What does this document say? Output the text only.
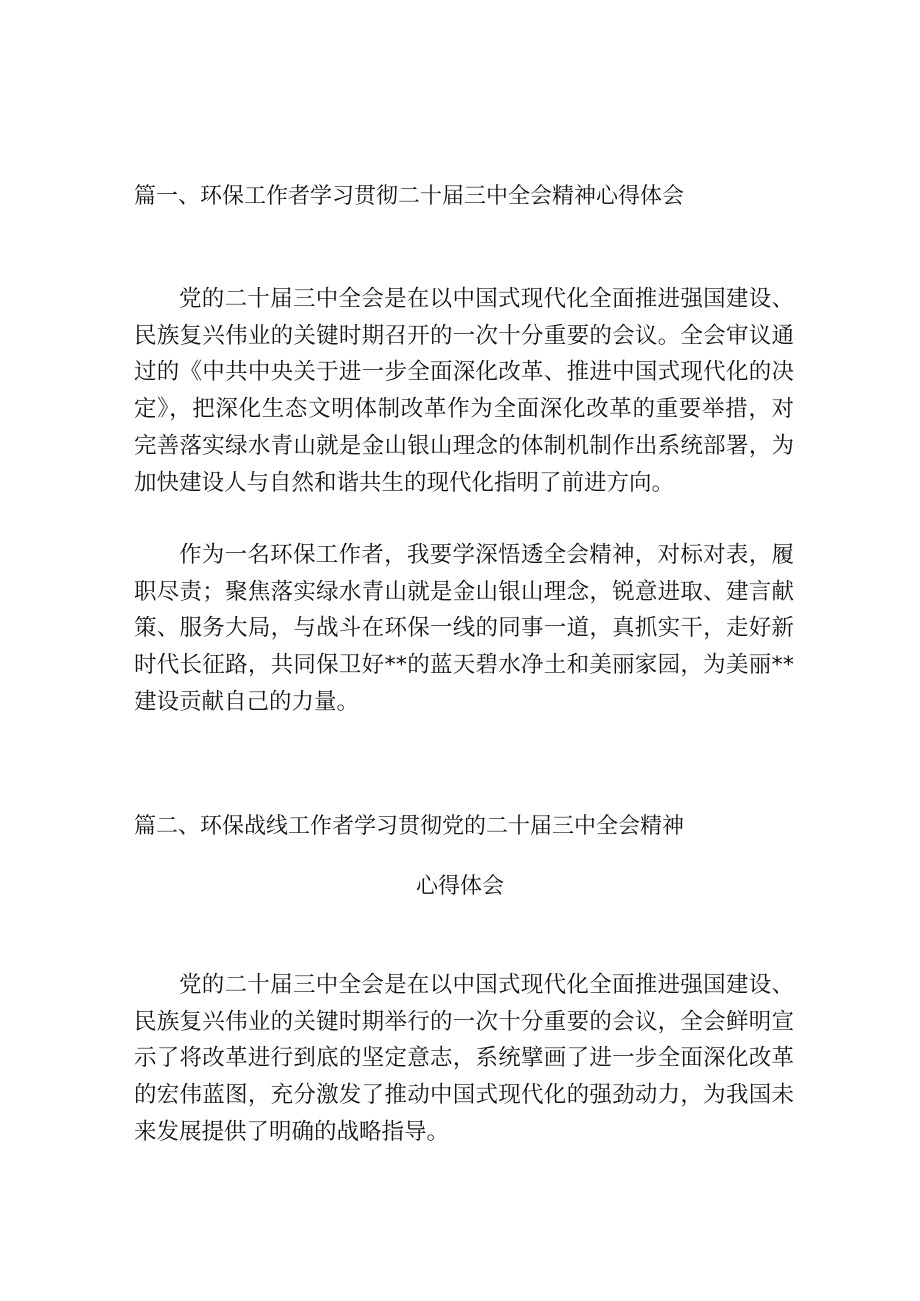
篇一、环保工作者学习贯彻二十届三中全会精神心得体会
党的二十届三中全会是在以中国式现代化全面推进强国建设、民族复兴伟业的关键时期召开的一次十分重要的会议。全会审议通过的《中共中央关于进一步全面深化改革、推进中国式现代化的决定》，把深化生态文明体制改革作为全面深化改革的重要举措，对完善落实绿水青山就是金山银山理念的体制机制作出系统部署，为加快建设人与自然和谐共生的现代化指明了前进方向。
作为一名环保工作者，我要学深悟透全会精神，对标对表，履职尽责；聚焦落实绿水青山就是金山银山理念，锐意进取、建言献策、服务大局，与战斗在环保一线的同事一道，真抓实干，走好新时代长征路，共同保卫好**的蓝天碧水净土和美丽家园，为美丽**建设贡献自己的力量。
篇二、环保战线工作者学习贯彻党的二十届三中全会精神
心得体会
党的二十届三中全会是在以中国式现代化全面推进强国建设、民族复兴伟业的关键时期举行的一次十分重要的会议，全会鲜明宣示了将改革进行到底的坚定意志，系统擘画了进一步全面深化改革的宏伟蓝图，充分激发了推动中国式现代化的强劲动力，为我国未来发展提供了明确的战略指导。
